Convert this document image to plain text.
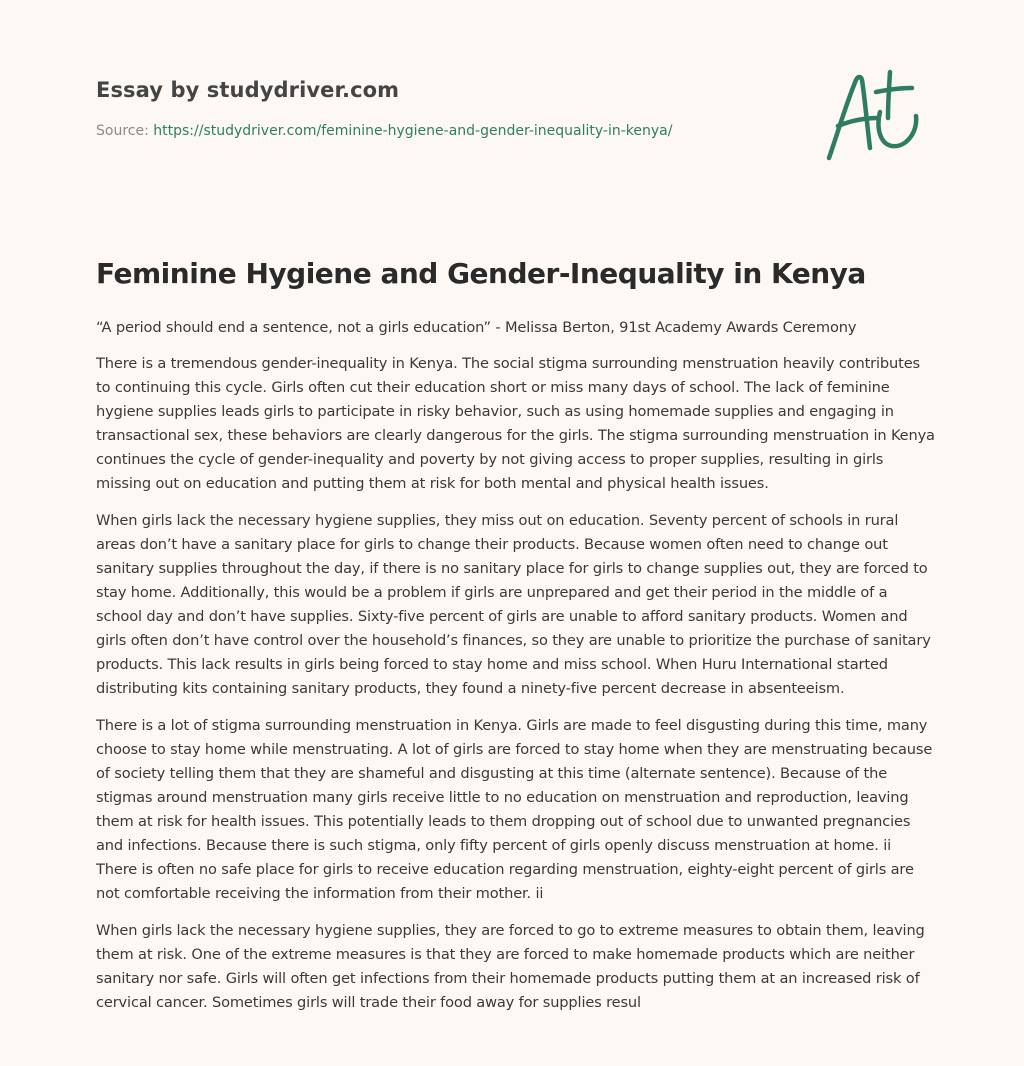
Essay by studydriver.com
Source: https://studydriver.com/feminine-hygiene-and-gender-inequality-in-kenya/
Feminine Hygiene and Gender-Inequality in Kenya

“A period should end a sentence, not a girls education” - Melissa Berton, 91st Academy Awards Ceremony

There is a tremendous gender-inequality in Kenya. The social stigma surrounding menstruation heavily contributes to continuing this cycle. Girls often cut their education short or miss many days of school. The lack of feminine hygiene supplies leads girls to participate in risky behavior, such as using homemade supplies and engaging in transactional sex, these behaviors are clearly dangerous for the girls. The stigma surrounding menstruation in Kenya continues the cycle of gender-inequality and poverty by not giving access to proper supplies, resulting in girls missing out on education and putting them at risk for both mental and physical health issues.

When girls lack the necessary hygiene supplies, they miss out on education. Seventy percent of schools in rural areas don’t have a sanitary place for girls to change their products. Because women often need to change out sanitary supplies throughout the day, if there is no sanitary place for girls to change supplies out, they are forced to stay home. Additionally, this would be a problem if girls are unprepared and get their period in the middle of a school day and don’t have supplies. Sixty-five percent of girls are unable to afford sanitary products. Women and girls often don’t have control over the household’s finances, so they are unable to prioritize the purchase of sanitary products. This lack results in girls being forced to stay home and miss school. When Huru International started distributing kits containing sanitary products, they found a ninety-five percent decrease in absenteeism.

There is a lot of stigma surrounding menstruation in Kenya. Girls are made to feel disgusting during this time, many choose to stay home while menstruating. A lot of girls are forced to stay home when they are menstruating because of society telling them that they are shameful and disgusting at this time (alternate sentence). Because of the stigmas around menstruation many girls receive little to no education on menstruation and reproduction, leaving them at risk for health issues. This potentially leads to them dropping out of school due to unwanted pregnancies and infections. Because there is such stigma, only fifty percent of girls openly discuss menstruation at home. ii There is often no safe place for girls to receive education regarding menstruation, eighty-eight percent of girls are not comfortable receiving the information from their mother. ii

When girls lack the necessary hygiene supplies, they are forced to go to extreme measures to obtain them, leaving them at risk. One of the extreme measures is that they are forced to make homemade products which are neither sanitary nor safe. Girls will often get infections from their homemade products putting them at an increased risk of cervical cancer. Sometimes girls will trade their food away for supplies resul
